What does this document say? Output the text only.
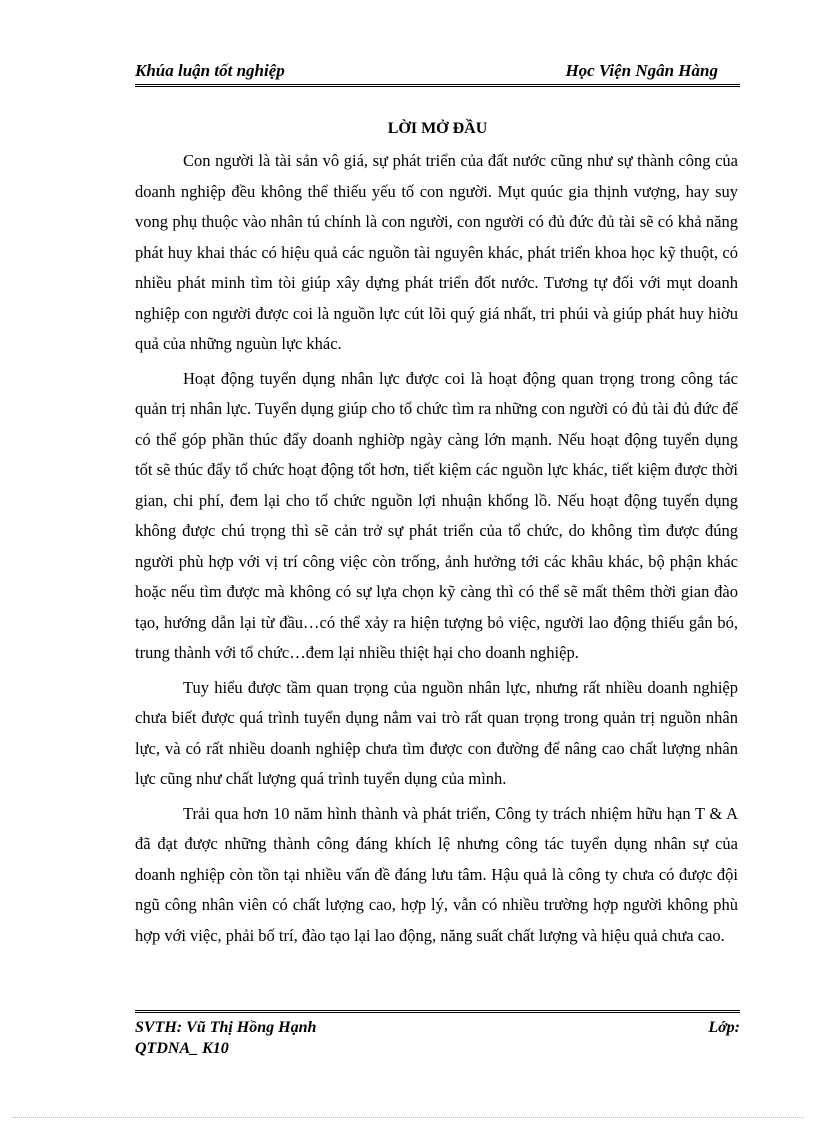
Khúa luận tốt nghiệp	Học Viện Ngân Hàng
LỜI MỞ ĐẦU

Con người là tài sản vô giá, sự phát triển của đất nước cũng như sự thành công của doanh nghiệp đều không thể thiếu yếu tố con người. Mụt quúc gia thịnh vượng, hay suy vong phụ thuộc vào nhân tú chính là con người, con người có đủ đức đủ tài sẽ có khả năng phát huy khai thác có hiệu quả các nguồn tài nguyên khác, phát triển khoa học kỹ thuột, có nhiều phát minh tìm tòi giúp xây dựng phát triển đốt nước. Tương tự đối với mụt doanh nghiệp con người được coi là nguồn lực cút lõi quý giá nhất, tri phúi và giúp phát huy hiờu quả của những nguùn lực khác.

Hoạt động tuyển dụng nhân lực được coi là hoạt động quan trọng trong công tác quản trị nhân lực. Tuyển dụng giúp cho tổ chức tìm ra những con người có đủ tài đủ đức để có thể góp phần thúc đẩy doanh nghiờp ngày càng lớn mạnh. Nếu hoạt động tuyển dụng tốt sẽ thúc đẩy tổ chức hoạt động tốt hơn, tiết kiệm các nguồn lực khác, tiết kiệm được thời gian, chi phí, đem lại cho tổ chức nguồn lợi nhuận khổng lồ. Nếu hoạt động tuyển dụng không được chú trọng thì sẽ cản trở sự phát triển của tổ chức, do không tìm được đúng người phù hợp với vị trí công việc còn trống, ảnh hưởng tới các khâu khác, bộ phận khác hoặc nếu tìm được mà không có sự lựa chọn kỹ càng thì có thể sẽ mất thêm thời gian đào tạo, hướng dẫn lại từ đầu…có thể xảy ra hiện tượng bỏ việc, người lao động thiếu gắn bó, trung thành với tổ chức…đem lại nhiều thiệt hại cho doanh nghiệp.

Tuy hiểu được tầm quan trọng của nguồn nhân lực, nhưng rất nhiều doanh nghiệp chưa biết được quá trình tuyển dụng nắm vai trò rất quan trọng trong quản trị nguồn nhân lực, và có rất nhiều doanh nghiệp chưa tìm được con đường để nâng cao chất lượng nhân lực cũng như chất lượng quá trình tuyển dụng của mình.

Trải qua hơn 10 năm hình thành và phát triển, Công ty trách nhiệm hữu hạn T & A đã đạt được những thành công đáng khích lệ nhưng công tác tuyển dụng nhân sự của doanh nghiệp còn tồn tại nhiều vấn đề đáng lưu tâm. Hậu quả là công ty chưa có được đội ngũ công nhân viên có chất lượng cao, hợp lý, vẫn có nhiều trường hợp người không phù hợp với việc, phải bố trí, đào tạo lại lao động, năng suất chất lượng và hiệu quả chưa cao.

SVTH: Vũ Thị Hồng Hạnh	Lớp:
QTDNA_ K10
